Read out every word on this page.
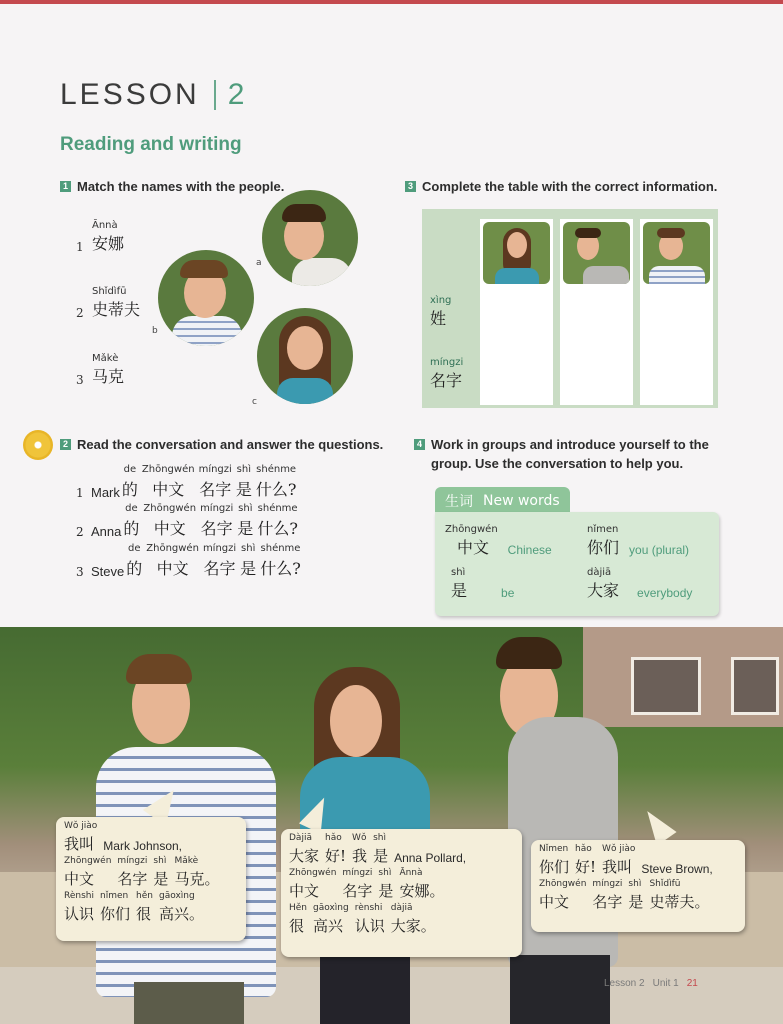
LESSON 2
Reading and writing
1 Match the names with the people.
1
Ānnà
安娜
2
Shǐdìfū
史蒂夫
3
Mǎkè
马克
a
b
c
3 Complete the table with the correct information.
xìng
姓
míngzi
名字
2 Read the conversation and answer the questions.
1 Mark
de
的
Zhōngwén
中文
míngzi
名字
shì
是
shénme
什么?
2 Anna
de
的
Zhōngwén
中文
míngzi
名字
shì
是
shénme
什么?
3 Steve
de
的
Zhōngwén
中文
míngzi
名字
shì
是
shénme
什么?
4 Work in groups and introduce yourself to the
group. Use the conversation to help you.
生词 New words
Zhōngwén
中文	Chinese
nǐmen
你们 you (plural)
shì
是	be
dàjiā
大家 everybody
Wǒ jiào
我叫 Mark Johnson,
Zhōngwén
中文
míngzi
名字
shì
是
Mǎkè
马克。
Rènshi
认识
nǐmen
你们
hěn
很
gāoxìng
高兴。
Dàjiā
大家
hǎo
好!
Wǒ
我
shì
是 Anna Pollard,
Zhōngwén
中文
míngzi
名字
shì
是
Ānnà
安娜。
Hěn
很
gāoxìng
高兴
rènshi
认识
dàjiā
大家。
Nǐmen
你们
hǎo
好!
Wǒ jiào
我叫 Steve Brown,
Zhōngwén
中文
míngzi
名字
shì
是
Shǐdìfū
史蒂夫。
Lesson 2 Unit 1 21
